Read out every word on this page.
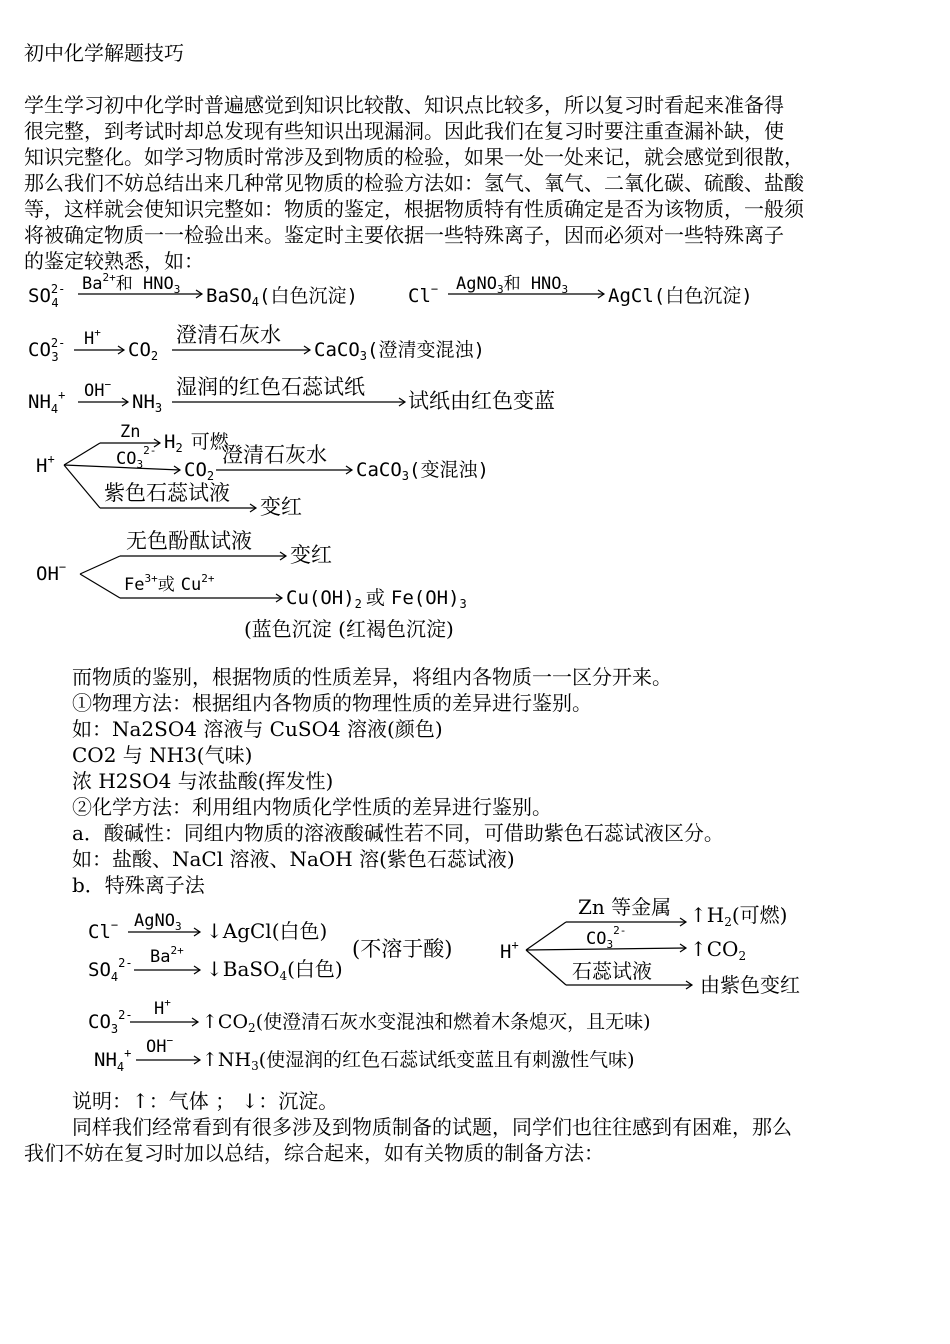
初中化学解题技巧
学生学习初中化学时普遍感觉到知识比较散、知识点比较多，所以复习时看起来准备得
很完整，到考试时却总发现有些知识出现漏洞。因此我们在复习时要注重查漏补缺，使
知识完整化。如学习物质时常涉及到物质的检验，如果一处一处来记，就会感觉到很散，
那么我们不妨总结出来几种常见物质的检验方法如：氢气、氧气、二氧化碳、硫酸、盐酸
等，这样就会使知识完整如：物质的鉴定，根据物质特有性质确定是否为该物质，一般须
将被确定物质一一检验出来。鉴定时主要依据一些特殊离子，因而必须对一些特殊离子
的鉴定较熟悉，如：
$SO^{2-}4$
$Ba^{2+}$和 $HNO_3$ BaSO$_4$(白色沉淀)	Cl− AgNO$_3$和 $HNO_3$ AgCl(白色沉淀)
$CO^{2-}3$
H+
$CO_2$
澄清石灰水
CaCO$_3$(澄清变混浊)
$NH_4^+$ OH−
$NH_3$
湿润的红色石蕊试纸
试纸由红色变蓝
H+
Zn $H_2$ 可燃
$CO_3^{2-}$
$CO_2$
澄清石灰水
CaCO$_3$(变混浊)
紫色石蕊试液
变红
OH−
无色酚酞试液
变红
$Fe^{3+}$或 $Cu^{2+}$
$Cu(OH)_2$ 或 $Fe(OH)_3$
(蓝色沉淀 (红褐色沉淀)
而物质的鉴别，根据物质的性质差异，将组内各物质一一区分开来。
①物理方法：根据组内各物质的物理性质的差异进行鉴别。
如：Na2SO4 溶液与 CuSO4 溶液(颜色)
CO2 与 NH3(气味)
浓 H2SO4 与浓盐酸(挥发性)
②化学方法：利用组内物质化学性质的差异进行鉴别。
a．酸碱性：同组内物质的溶液酸碱性若不同，可借助紫色石蕊试液区分。
如：盐酸、NaCl 溶液、NaOH 溶(紫色石蕊试液)
b．特殊离子法
Cl− AgNO$_3$ ↓AgCl(白色)
$SO_4^{2-}$ $Ba^{2+}$
↓BaSO$_4$(白色)
(不溶于酸)	H+
Zn 等金属 $↑H_2$(可燃)
$CO_3^{2-}$
$↑CO_2$
石蕊试液
由紫色变红
$CO_3^{2-}$ H+
$↑CO_2$(使澄清石灰水变混浊和燃着木条熄灭，且无味)
$NH_4^+$ OH−
$↑NH_3$(使湿润的红色石蕊试纸变蓝且有刺激性气味)
说明：↑：气体 ； ↓：沉淀。
同样我们经常看到有很多涉及到物质制备的试题，同学们也往往感到有困难，那么
我们不妨在复习时加以总结，综合起来，如有关物质的制备方法：
